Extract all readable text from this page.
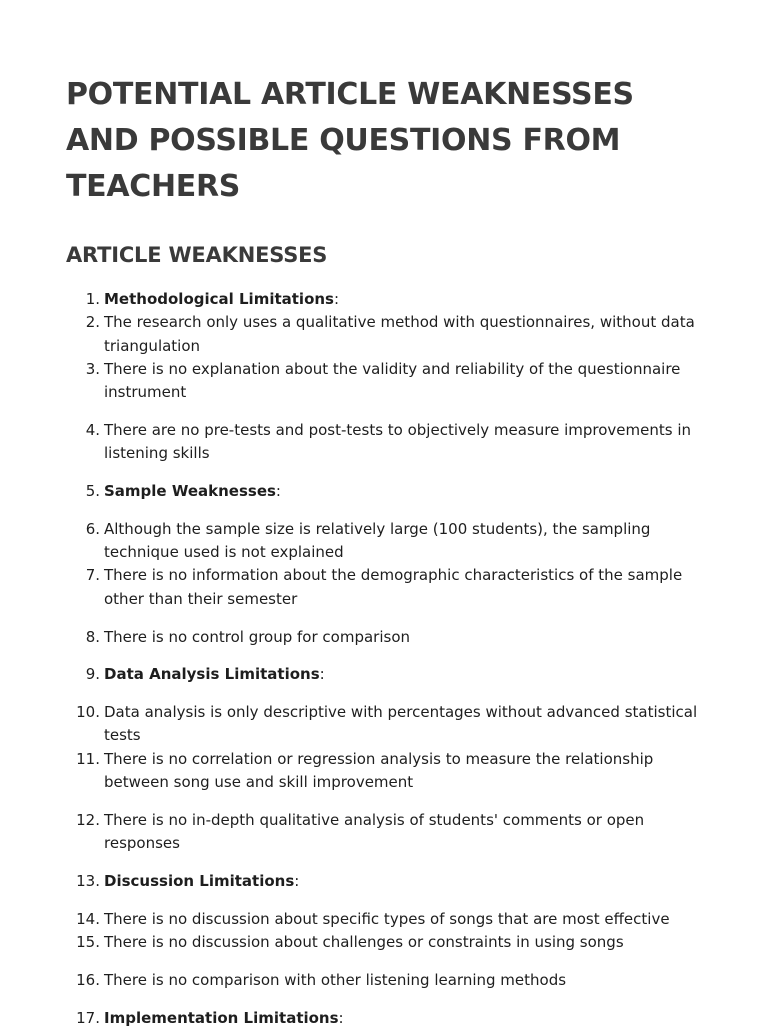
POTENTIAL ARTICLE WEAKNESSES AND POSSIBLE QUESTIONS FROM TEACHERS
ARTICLE WEAKNESSES
1. Methodological Limitations:
2. The research only uses a qualitative method with questionnaires, without data triangulation
3. There is no explanation about the validity and reliability of the questionnaire instrument
4. There are no pre-tests and post-tests to objectively measure improvements in listening skills
5. Sample Weaknesses:
6. Although the sample size is relatively large (100 students), the sampling technique used is not explained
7. There is no information about the demographic characteristics of the sample other than their semester
8. There is no control group for comparison
9. Data Analysis Limitations:
10. Data analysis is only descriptive with percentages without advanced statistical tests
11. There is no correlation or regression analysis to measure the relationship between song use and skill improvement
12. There is no in-depth qualitative analysis of students' comments or open responses
13. Discussion Limitations:
14. There is no discussion about specific types of songs that are most effective
15. There is no discussion about challenges or constraints in using songs
16. There is no comparison with other listening learning methods
17. Implementation Limitations:
